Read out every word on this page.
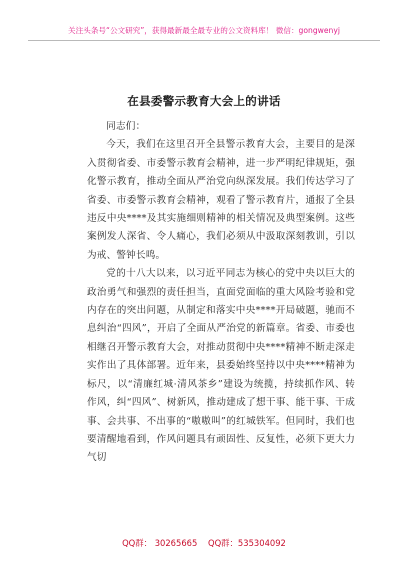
关注头条号“公文研究”，获得最新最全最专业的公文资料库！ 微信：gongwenyj
在县委警示教育大会上的讲话

同志们：

今天，我们在这里召开全县警示教育大会，主要目的是深入贯彻省委、市委警示教育会精神，进一步严明纪律规矩，强化警示教育，推动全面从严治党向纵深发展。我们传达学习了省委、市委警示教育会精神，观看了警示教育片，通报了全县违反中央****及其实施细则精神的相关情况及典型案例。这些案例发人深省、令人痛心，我们必须从中汲取深刻教训，引以为戒、警钟长鸣。

党的十八大以来，以习近平同志为核心的党中央以巨大的政治勇气和强烈的责任担当，直面党面临的重大风险考验和党内存在的突出问题，从制定和落实中央****开局破题，驰而不息纠治“四风”，开启了全面从严治党的新篇章。省委、市委也相继召开警示教育大会，对推动贯彻中央****精神不断走深走实作出了具体部署。近年来，县委始终坚持以中央****精神为标尺，以“清廉红城·清风茶乡”建设为统揽，持续抓作风、转作风，纠“四风”、树新风，推动建成了想干事、能干事、干成事、会共事、不出事的“嗷嗷叫”的红城铁军。但同时，我们也要清醒地看到，作风问题具有顽固性、反复性，必须下更大力气切

QQ群： 30265665 QQ群：535304092
